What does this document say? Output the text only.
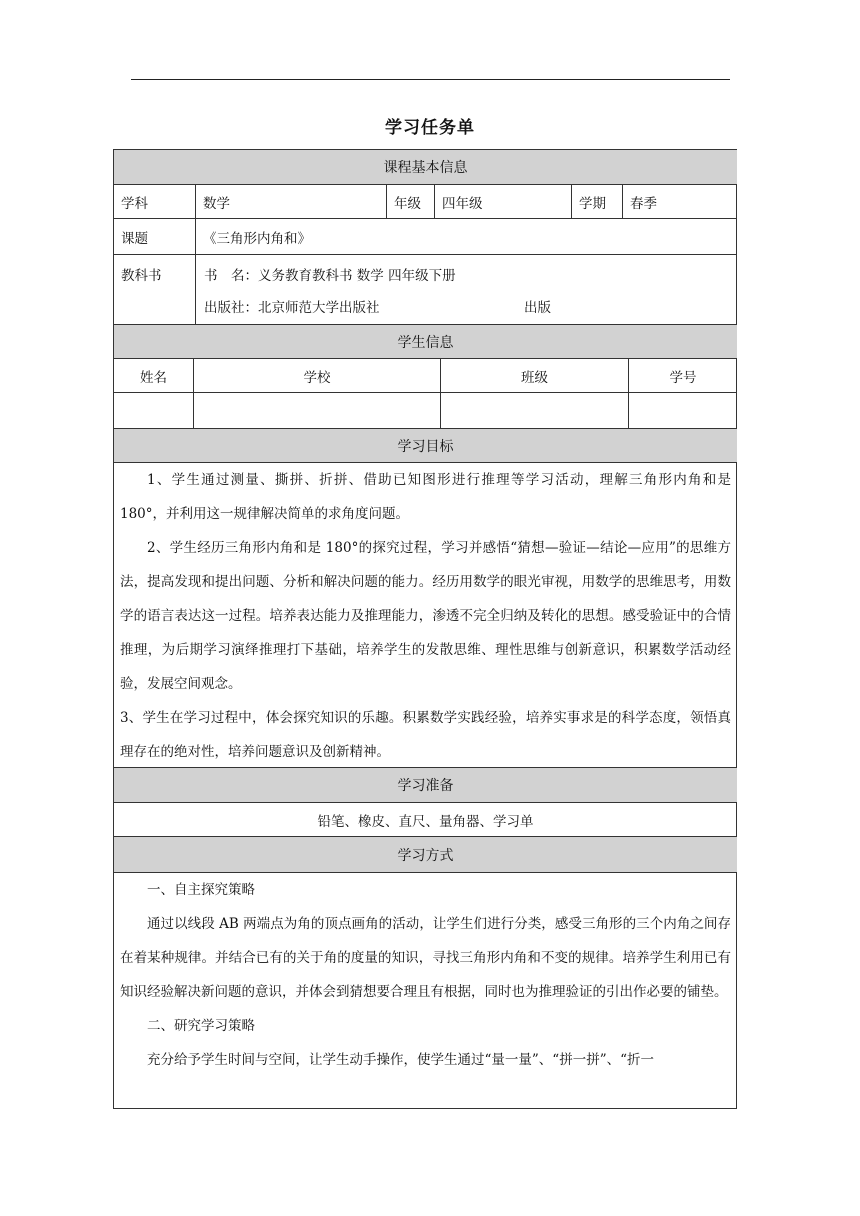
学习任务单
课程基本信息
学科	数学	年级	四年级	学期	春季
课题	《三角形内角和》
教科书	书　名：义务教育教科书 数学 四年级下册
出版社：北京师范大学出版社	出版
学生信息
姓名	学校	班级	学号
学习目标

1、学生通过测量、撕拼、折拼、借助已知图形进行推理等学习活动，理解三角形内角和是 180°，并利用这一规律解决简单的求角度问题。

2、学生经历三角形内角和是 180°的探究过程，学习并感悟“猜想—验证—结论—应用”的思维方法，提高发现和提出问题、分析和解决问题的能力。经历用数学的眼光审视，用数学的思维思考，用数学的语言表达这一过程。培养表达能力及推理能力，渗透不完全归纳及转化的思想。感受验证中的合情推理，为后期学习演绎推理打下基础，培养学生的发散思维、理性思维与创新意识，积累数学活动经验，发展空间观念。

3、学生在学习过程中，体会探究知识的乐趣。积累数学实践经验，培养实事求是的科学态度，领悟真理存在的绝对性，培养问题意识及创新精神。

学习准备
铅笔、橡皮、直尺、量角器、学习单
学习方式

一、自主探究策略

通过以线段 AB 两端点为角的顶点画角的活动，让学生们进行分类，感受三角形的三个内角之间存在着某种规律。并结合已有的关于角的度量的知识，寻找三角形内角和不变的规律。培养学生利用已有知识经验解决新问题的意识，并体会到猜想要合理且有根据，同时也为推理验证的引出作必要的铺垫。

二、研究学习策略

充分给予学生时间与空间，让学生动手操作，使学生通过“量一量”、“拼一拼”、“折一
